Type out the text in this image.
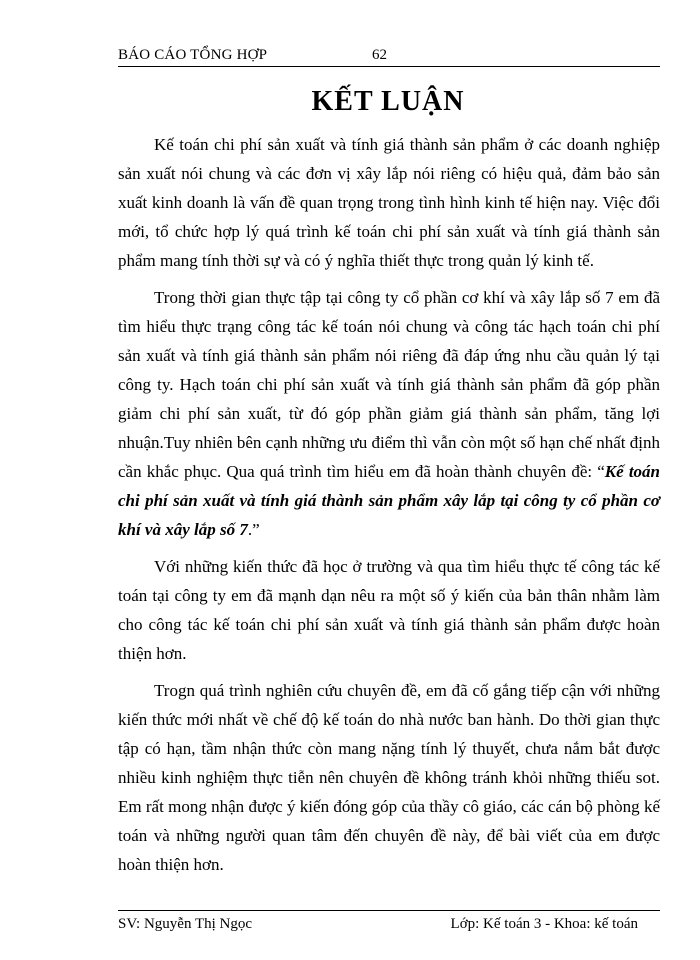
BÁO CÁO TỔNG HỢP	62
KẾT LUẬN

Kế toán chi phí sản xuất và tính giá thành sản phẩm ở các doanh nghiệp sản xuất nói chung và các đơn vị xây lắp nói riêng có hiệu quả, đảm bảo sản xuất kinh doanh là vấn đề quan trọng trong tình hình kinh tế hiện nay. Việc đổi mới, tổ chức hợp lý quá trình kế toán chi phí sản xuất và tính giá thành sản phẩm mang tính thời sự và có ý nghĩa thiết thực trong quản lý kinh tế.

Trong thời gian thực tập tại công ty cổ phần cơ khí và xây lắp số 7 em đã tìm hiểu thực trạng công tác kế toán nói chung và công tác hạch toán chi phí sản xuất và tính giá thành sản phẩm nói riêng đã đáp ứng nhu cầu quản lý tại công ty. Hạch toán chi phí sản xuất và tính giá thành sản phẩm đã góp phần giảm chi phí sản xuất, từ đó góp phần giảm giá thành sản phẩm, tăng lợi nhuận.Tuy nhiên bên cạnh những ưu điểm thì vẫn còn một số hạn chế nhất định cần khắc phục. Qua quá trình tìm hiểu em đã hoàn thành chuyên đề: “Kế toán chi phí sản xuất và tính giá thành sản phẩm xây lắp tại công ty cổ phần cơ khí và xây lắp số 7.”

Với những kiến thức đã học ở trường và qua tìm hiểu thực tế công tác kế toán tại công ty em đã mạnh dạn nêu ra một số ý kiến của bản thân nhằm làm cho công tác kế toán chi phí sản xuất và tính giá thành sản phẩm được hoàn thiện hơn.

Trogn quá trình nghiên cứu chuyên đề, em đã cố gắng tiếp cận với những kiến thức mới nhất về chế độ kế toán do nhà nước ban hành. Do thời gian thực tập có hạn, tầm nhận thức còn mang nặng tính lý thuyết, chưa nắm bắt được nhiều kinh nghiệm thực tiễn nên chuyên đề không tránh khỏi những thiếu sot. Em rất mong nhận được ý kiến đóng góp của thầy cô giáo, các cán bộ phòng kế toán và những người quan tâm đến chuyên đề này, để bài viết của em được hoàn thiện hơn.

SV: Nguyễn Thị Ngọc	Lớp: Kế toán 3 - Khoa: kế toán
